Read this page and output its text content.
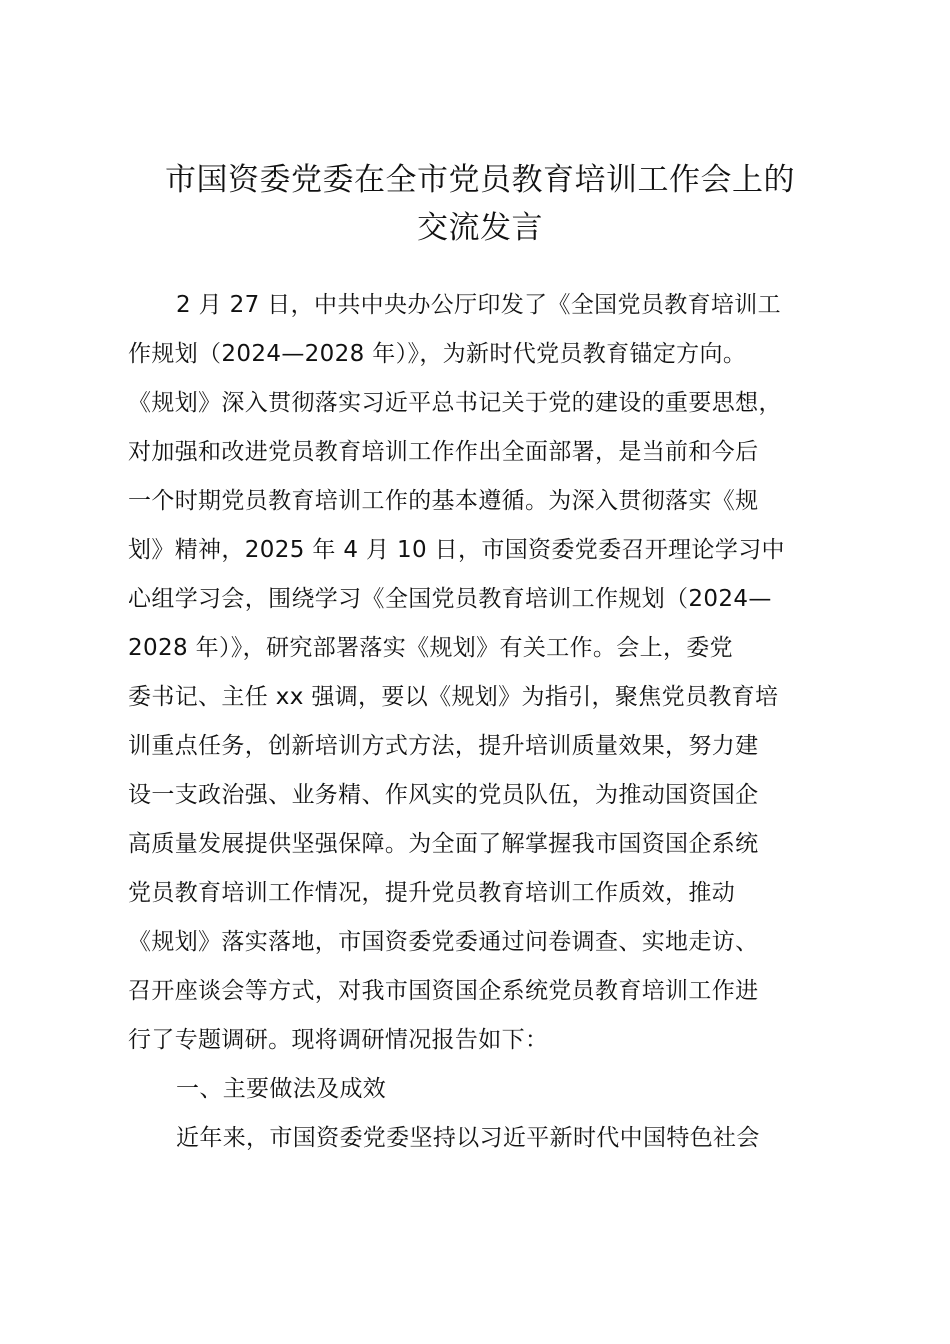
市国资委党委在全市党员教育培训工作会上的
交流发言
2 月 27 日，中共中央办公厅印发了《全国党员教育培训工
作规划（2024—2028 年）》，为新时代党员教育锚定方向。
《规划》深入贯彻落实习近平总书记关于党的建设的重要思想，
对加强和改进党员教育培训工作作出全面部署，是当前和今后
一个时期党员教育培训工作的基本遵循。为深入贯彻落实《规
划》精神，2025 年 4 月 10 日，市国资委党委召开理论学习中
心组学习会，围绕学习《全国党员教育培训工作规划（2024—
2028 年）》，研究部署落实《规划》有关工作。会上，委党
委书记、主任 xx 强调，要以《规划》为指引，聚焦党员教育培
训重点任务，创新培训方式方法，提升培训质量效果，努力建
设一支政治强、业务精、作风实的党员队伍，为推动国资国企
高质量发展提供坚强保障。为全面了解掌握我市国资国企系统
党员教育培训工作情况，提升党员教育培训工作质效，推动
《规划》落实落地，市国资委党委通过问卷调查、实地走访、
召开座谈会等方式，对我市国资国企系统党员教育培训工作进
行了专题调研。现将调研情况报告如下：
一、主要做法及成效
近年来，市国资委党委坚持以习近平新时代中国特色社会
